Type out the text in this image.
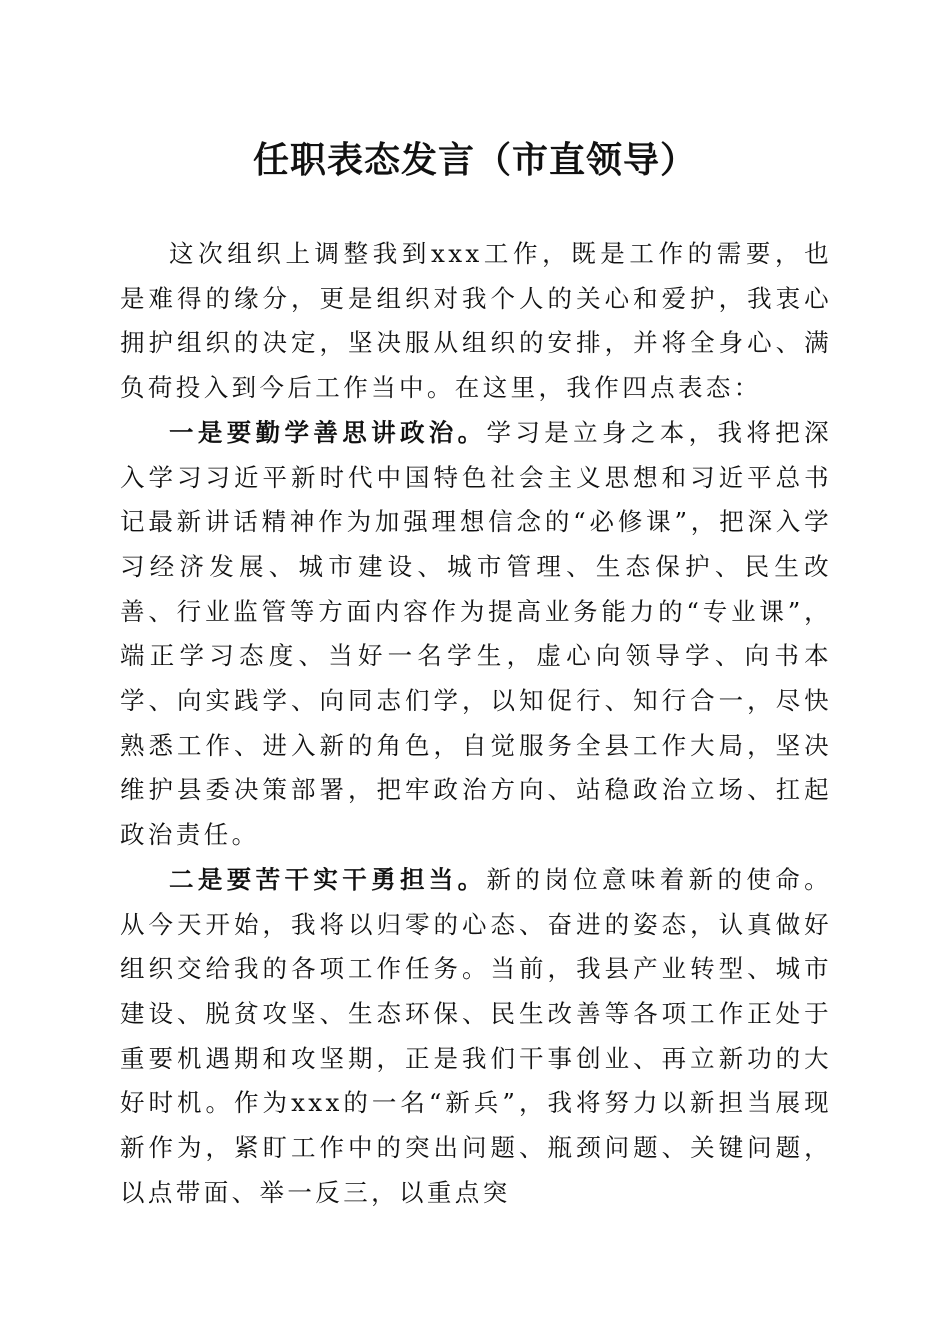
任职表态发言（市直领导）

这次组织上调整我到xxx工作，既是工作的需要，也是难得的缘分，更是组织对我个人的关心和爱护，我衷心拥护组织的决定，坚决服从组织的安排，并将全身心、满负荷投入到今后工作当中。在这里，我作四点表态：

一是要勤学善思讲政治。学习是立身之本，我将把深入学习习近平新时代中国特色社会主义思想和习近平总书记最新讲话精神作为加强理想信念的“必修课”，把深入学习经济发展、城市建设、城市管理、生态保护、民生改善、行业监管等方面内容作为提高业务能力的“专业课”，端正学习态度、当好一名学生，虚心向领导学、向书本学、向实践学、向同志们学，以知促行、知行合一，尽快熟悉工作、进入新的角色，自觉服务全县工作大局，坚决维护县委决策部署，把牢政治方向、站稳政治立场、扛起政治责任。

二是要苦干实干勇担当。新的岗位意味着新的使命。从今天开始，我将以归零的心态、奋进的姿态，认真做好组织交给我的各项工作任务。当前，我县产业转型、城市建设、脱贫攻坚、生态环保、民生改善等各项工作正处于重要机遇期和攻坚期，正是我们干事创业、再立新功的大好时机。作为xxx的一名“新兵”，我将努力以新担当展现新作为，紧盯工作中的突出问题、瓶颈问题、关键问题，以点带面、举一反三，以重点突
